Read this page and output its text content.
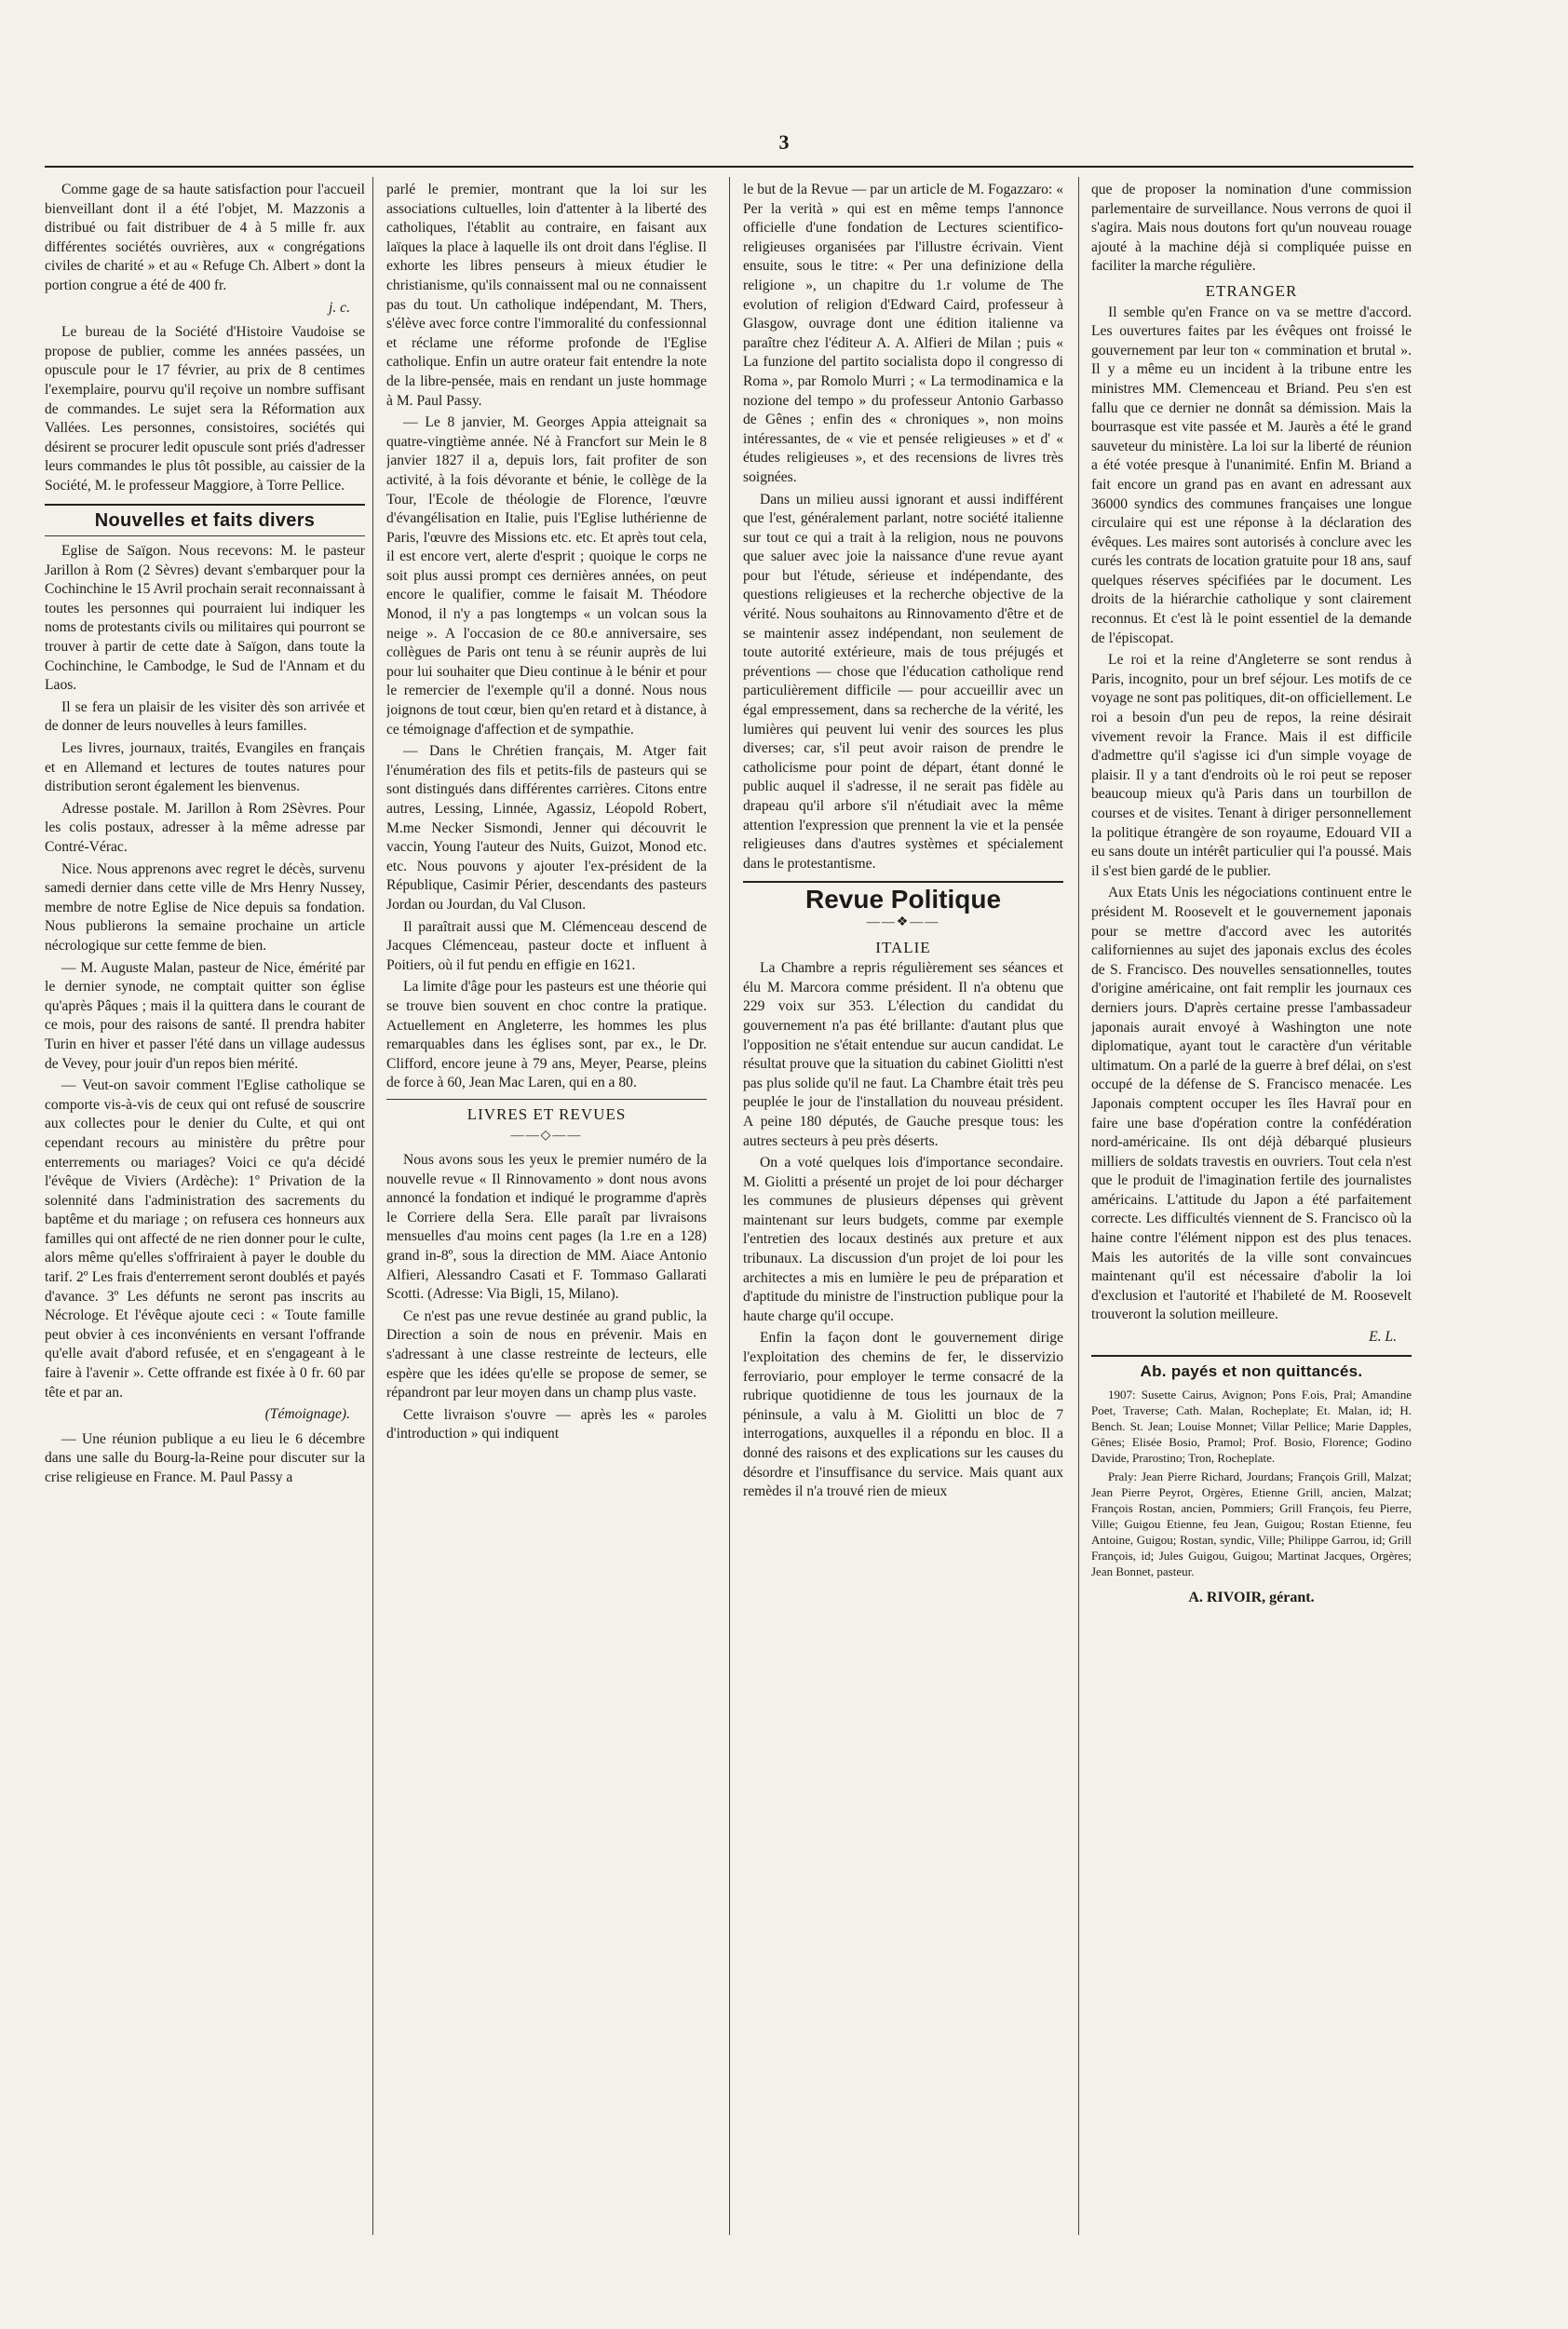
3

Comme gage de sa haute satisfaction pour l'accueil bienveillant dont il a été l'objet, M. Mazzonis a distribué ou fait distribuer de 4 à 5 mille fr. aux différentes sociétés ouvrières, aux « congrégations civiles de charité » et au « Refuge Ch. Albert » dont la portion congrue a été de 400 fr.

j. c.

Le bureau de la Société d'Histoire Vaudoise se propose de publier, comme les années passées, un opuscule pour le 17 février, au prix de 8 centimes l'exemplaire, pourvu qu'il reçoive un nombre suffisant de commandes. Le sujet sera la Réformation aux Vallées. Les personnes, consistoires, sociétés qui désirent se procurer ledit opuscule sont priés d'adresser leurs commandes le plus tôt possible, au caissier de la Société, M. le professeur Maggiore, à Torre Pellice.

Nouvelles et faits divers

Eglise de Saïgon. Nous recevons: M. le pasteur Jarillon à Rom (2 Sèvres) devant s'embarquer pour la Cochinchine le 15 Avril prochain serait reconnaissant à toutes les personnes qui pourraient lui indiquer les noms de protestants civils ou militaires qui pourront se trouver à partir de cette date à Saïgon, dans toute la Cochinchine, le Cambodge, le Sud de l'Annam et du Laos.

Il se fera un plaisir de les visiter dès son arrivée et de donner de leurs nouvelles à leurs familles.

Les livres, journaux, traités, Evangiles en français et en Allemand et lectures de toutes natures pour distribution seront également les bienvenus.

Adresse postale. M. Jarillon à Rom 2Sèvres. Pour les colis postaux, adresser à la même adresse par Contré-Vérac.

Nice. Nous apprenons avec regret le décès, survenu samedi dernier dans cette ville de Mrs Henry Nussey, membre de notre Eglise de Nice depuis sa fondation. Nous publierons la semaine prochaine un article nécrologique sur cette femme de bien.

— M. Auguste Malan, pasteur de Nice, émérité par le dernier synode, ne comptait quitter son église qu'après Pâques ; mais il la quittera dans le courant de ce mois, pour des raisons de santé. Il prendra habiter Turin en hiver et passer l'été dans un village audessus de Vevey, pour jouir d'un repos bien mérité.

— Veut-on savoir comment l'Eglise catholique se comporte vis-à-vis de ceux qui ont refusé de souscrire aux collectes pour le denier du Culte, et qui ont cependant recours au ministère du prêtre pour enterrements ou mariages? Voici ce qu'a décidé l'évêque de Viviers (Ardèche): 1º Privation de la solennité dans l'administration des sacrements du baptême et du mariage ; on refusera ces honneurs aux familles qui ont affecté de ne rien donner pour le culte, alors même qu'elles s'offriraient à payer le double du tarif. 2º Les frais d'enterrement seront doublés et payés d'avance. 3º Les défunts ne seront pas inscrits au Nécrologe. Et l'évêque ajoute ceci : « Toute famille peut obvier à ces inconvénients en versant l'offrande qu'elle avait d'abord refusée, et en s'engageant à le faire à l'avenir ». Cette offrande est fixée à 0 fr. 60 par tête et par an.

(Témoignage).

— Une réunion publique a eu lieu le 6 décembre dans une salle du Bourg-la-Reine pour discuter sur la crise religieuse en France. M. Paul Passy a

parlé le premier, montrant que la loi sur les associations cultuelles, loin d'attenter à la liberté des catholiques, l'établit au contraire, en faisant aux laïques la place à laquelle ils ont droit dans l'église. Il exhorte les libres penseurs à mieux étudier le christianisme, qu'ils connaissent mal ou ne connaissent pas du tout. Un catholique indépendant, M. Thers, s'élève avec force contre l'immoralité du confessionnal et réclame une réforme profonde de l'Eglise catholique. Enfin un autre orateur fait entendre la note de la libre-pensée, mais en rendant un juste hommage à M. Paul Passy.

— Le 8 janvier, M. Georges Appia atteignait sa quatre-vingtième année. Né à Francfort sur Mein le 8 janvier 1827 il a, depuis lors, fait profiter de son activité, à la fois dévorante et bénie, le collège de la Tour, l'Ecole de théologie de Florence, l'œuvre d'évangélisation en Italie, puis l'Eglise luthérienne de Paris, l'œuvre des Missions etc. etc. Et après tout cela, il est encore vert, alerte d'esprit ; quoique le corps ne soit plus aussi prompt ces dernières années, on peut encore le qualifier, comme le faisait M. Théodore Monod, il n'y a pas longtemps « un volcan sous la neige ». A l'occasion de ce 80.e anniversaire, ses collègues de Paris ont tenu à se réunir auprès de lui pour lui souhaiter que Dieu continue à le bénir et pour le remercier de l'exemple qu'il a donné. Nous nous joignons de tout cœur, bien qu'en retard et à distance, à ce témoignage d'affection et de sympathie.

— Dans le Chrétien français, M. Atger fait l'énumération des fils et petits-fils de pasteurs qui se sont distingués dans différentes carrières. Citons entre autres, Lessing, Linnée, Agassiz, Léopold Robert, M.me Necker Sismondi, Jenner qui découvrit le vaccin, Young l'auteur des Nuits, Guizot, Monod etc. etc. Nous pouvons y ajouter l'ex-président de la République, Casimir Périer, descendants des pasteurs Jordan ou Jourdan, du Val Cluson.

Il paraîtrait aussi que M. Clémenceau descend de Jacques Clémenceau, pasteur docte et influent à Poitiers, où il fut pendu en effigie en 1621.

La limite d'âge pour les pasteurs est une théorie qui se trouve bien souvent en choc contre la pratique. Actuellement en Angleterre, les hommes les plus remarquables dans les églises sont, par ex., le Dr. Clifford, encore jeune à 79 ans, Meyer, Pearse, pleins de force à 60, Jean Mac Laren, qui en a 80.

LIVRES ET REVUES
——◇——

Nous avons sous les yeux le premier numéro de la nouvelle revue « Il Rinnovamento » dont nous avons annoncé la fondation et indiqué le programme d'après le Corriere della Sera. Elle paraît par livraisons mensuelles d'au moins cent pages (la 1.re en a 128) grand in-8º, sous la direction de MM. Aiace Antonio Alfieri, Alessandro Casati et F. Tommaso Gallarati Scotti. (Adresse: Via Bigli, 15, Milano).

Ce n'est pas une revue destinée au grand public, la Direction a soin de nous en prévenir. Mais en s'adressant à une classe restreinte de lecteurs, elle espère que les idées qu'elle se propose de semer, se répandront par leur moyen dans un champ plus vaste.

Cette livraison s'ouvre — après les « paroles d'introduction » qui indiquent

le but de la Revue — par un article de M. Fogazzaro: « Per la verità » qui est en même temps l'annonce officielle d'une fondation de Lectures scientifico-religieuses organisées par l'illustre écrivain. Vient ensuite, sous le titre: « Per una definizione della religione », un chapitre du 1.r volume de The evolution of religion d'Edward Caird, professeur à Glasgow, ouvrage dont une édition italienne va paraître chez l'éditeur A. A. Alfieri de Milan ; puis « La funzione del partito socialista dopo il congresso di Roma », par Romolo Murri ; « La termodinamica e la nozione del tempo » du professeur Antonio Garbasso de Gênes ; enfin des « chroniques », non moins intéressantes, de « vie et pensée religieuses » et d' « études religieuses », et des recensions de livres très soignées.

Dans un milieu aussi ignorant et aussi indifférent que l'est, généralement parlant, notre société italienne sur tout ce qui a trait à la religion, nous ne pouvons que saluer avec joie la naissance d'une revue ayant pour but l'étude, sérieuse et indépendante, des questions religieuses et la recherche objective de la vérité. Nous souhaitons au Rinnovamento d'être et de se maintenir assez indépendant, non seulement de toute autorité extérieure, mais de tous préjugés et préventions — chose que l'éducation catholique rend particulièrement difficile — pour accueillir avec un égal empressement, dans sa recherche de la vérité, les lumières qui peuvent lui venir des sources les plus diverses; car, s'il peut avoir raison de prendre le catholicisme pour point de départ, étant donné le public auquel il s'adresse, il ne serait pas fidèle au drapeau qu'il arbore s'il n'étudiait avec la même attention l'expression que prennent la vie et la pensée religieuses dans d'autres systèmes et spécialement dans le protestantisme.

Revue Politique
——❖——
ITALIE

La Chambre a repris régulièrement ses séances et élu M. Marcora comme président. Il n'a obtenu que 229 voix sur 353. L'élection du candidat du gouvernement n'a pas été brillante: d'autant plus que l'opposition ne s'était entendue sur aucun candidat. Le résultat prouve que la situation du cabinet Giolitti n'est pas plus solide qu'il ne faut. La Chambre était très peu peuplée le jour de l'installation du nouveau président. A peine 180 députés, de Gauche presque tous: les autres secteurs à peu près déserts.

On a voté quelques lois d'importance secondaire. M. Giolitti a présenté un projet de loi pour décharger les communes de plusieurs dépenses qui grèvent maintenant sur leurs budgets, comme par exemple l'entretien des locaux destinés aux preture et aux tribunaux. La discussion d'un projet de loi pour les architectes a mis en lumière le peu de préparation et d'aptitude du ministre de l'instruction publique pour la haute charge qu'il occupe.

Enfin la façon dont le gouvernement dirige l'exploitation des chemins de fer, le disservizio ferroviario, pour employer le terme consacré de la rubrique quotidienne de tous les journaux de la péninsule, a valu à M. Giolitti un bloc de 7 interrogations, auxquelles il a répondu en bloc. Il a donné des raisons et des explications sur les causes du désordre et l'insuffisance du service. Mais quant aux remèdes il n'a trouvé rien de mieux

que de proposer la nomination d'une commission parlementaire de surveillance. Nous verrons de quoi il s'agira. Mais nous doutons fort qu'un nouveau rouage ajouté à la machine déjà si compliquée puisse en faciliter la marche régulière.

ETRANGER

Il semble qu'en France on va se mettre d'accord. Les ouvertures faites par les évêques ont froissé le gouvernement par leur ton « commination et brutal ». Il y a même eu un incident à la tribune entre les ministres MM. Clemenceau et Briand. Peu s'en est fallu que ce dernier ne donnât sa démission. Mais la bourrasque est vite passée et M. Jaurès a été le grand sauveteur du ministère. La loi sur la liberté de réunion a été votée presque à l'unanimité. Enfin M. Briand a fait encore un grand pas en avant en adressant aux 36000 syndics des communes françaises une longue circulaire qui est une réponse à la déclaration des évêques. Les maires sont autorisés à conclure avec les curés les contrats de location gratuite pour 18 ans, sauf quelques réserves spécifiées par le document. Les droits de la hiérarchie catholique y sont clairement reconnus. Et c'est là le point essentiel de la demande de l'épiscopat.

Le roi et la reine d'Angleterre se sont rendus à Paris, incognito, pour un bref séjour. Les motifs de ce voyage ne sont pas politiques, dit-on officiellement. Le roi a besoin d'un peu de repos, la reine désirait vivement revoir la France. Mais il est difficile d'admettre qu'il s'agisse ici d'un simple voyage de plaisir. Il y a tant d'endroits où le roi peut se reposer beaucoup mieux qu'à Paris dans un tourbillon de courses et de visites. Tenant à diriger personnellement la politique étrangère de son royaume, Edouard VII a eu sans doute un intérêt particulier qui l'a poussé. Mais il s'est bien gardé de le publier.

Aux Etats Unis les négociations continuent entre le président M. Roosevelt et le gouvernement japonais pour se mettre d'accord avec les autorités californiennes au sujet des japonais exclus des écoles de S. Francisco. Des nouvelles sensationnelles, toutes d'origine américaine, ont fait remplir les journaux ces derniers jours. D'après certaine presse l'ambassadeur japonais aurait envoyé à Washington une note diplomatique, ayant tout le caractère d'un véritable ultimatum. On a parlé de la guerre à bref délai, on s'est occupé de la défense de S. Francisco menacée. Les Japonais comptent occuper les îles Havraï pour en faire une base d'opération contre la confédération nord-américaine. Ils ont déjà débarqué plusieurs milliers de soldats travestis en ouvriers. Tout cela n'est que le produit de l'imagination fertile des journalistes américains. L'attitude du Japon a été parfaitement correcte. Les difficultés viennent de S. Francisco où la haine contre l'élément nippon est des plus tenaces. Mais les autorités de la ville sont convaincues maintenant qu'il est nécessaire d'abolir la loi d'exclusion et l'autorité et l'habileté de M. Roosevelt trouveront la solution meilleure.

E. L.
Ab. payés et non quittancés.

1907: Susette Cairus, Avignon; Pons F.ois, Pral; Amandine Poet, Traverse; Cath. Malan, Rocheplate; Et. Malan, id; H. Bench. St. Jean; Louise Monnet; Villar Pellice; Marie Dapples, Gênes; Elisée Bosio, Pramol; Prof. Bosio, Florence; Godino Davide, Prarostino; Tron, Rocheplate.

Praly: Jean Pierre Richard, Jourdans; François Grill, Malzat; Jean Pierre Peyrot, Orgères, Etienne Grill, ancien, Malzat; François Rostan, ancien, Pommiers; Grill François, feu Pierre, Ville; Guigou Etienne, feu Jean, Guigou; Rostan Etienne, feu Antoine, Guigou; Rostan, syndic, Ville; Philippe Garrou, id; Grill François, id; Jules Guigou, Guigou; Martinat Jacques, Orgères; Jean Bonnet, pasteur.

A. RIVOIR, gérant.
